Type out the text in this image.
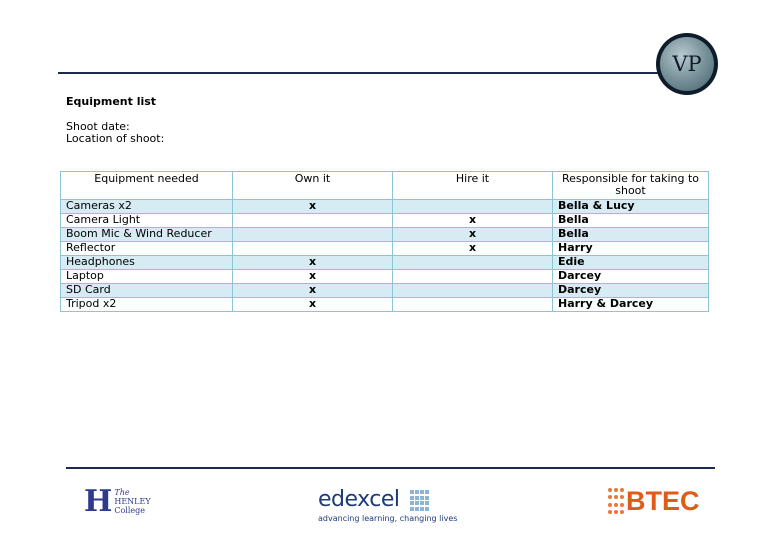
VP
Equipment list
Shoot date:
Location of shoot:
Equipment needed	Own it	Hire it	Responsible for taking to shoot
Cameras x2	x		Bella & Lucy
Camera Light		x	Bella
Boom Mic & Wind Reducer		x	Bella
Reflector		x	Harry
Headphones	x		Edie
Laptop	x		Darcey
SD Card	x		Darcey
Tripod x2	x		Harry & Darcey
H The
HENLEY
College	edexcel
advancing learning, changing lives
BTEC
